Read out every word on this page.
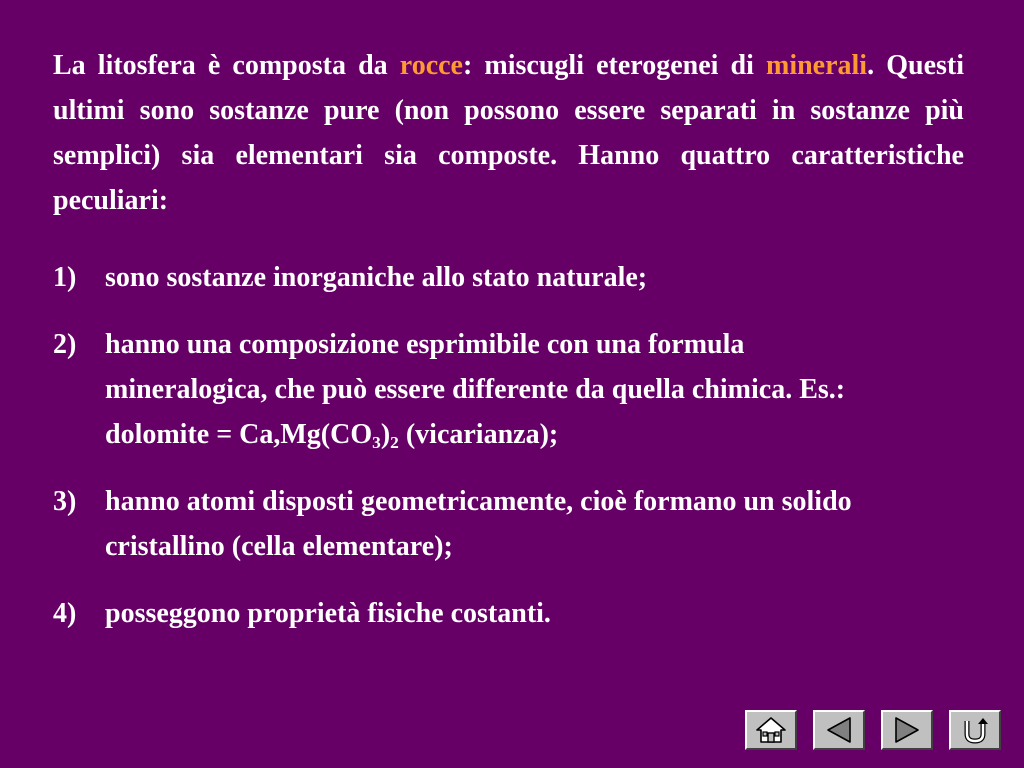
La litosfera è composta da rocce: miscugli eterogenei di minerali. Questi ultimi sono sostanze pure (non possono essere separati in sostanze più semplici) sia elementari sia composte. Hanno quattro caratteristiche peculiari:

1) sono sostanze inorganiche allo stato naturale;
2) hanno una composizione esprimibile con una formula mineralogica, che può essere differente da quella chimica. Es.: dolomite = $Ca,Mg(CO_3)_2$ (vicarianza);
3) hanno atomi disposti geometricamente, cioè formano un solido cristallino (cella elementare);
4) posseggono proprietà fisiche costanti.
